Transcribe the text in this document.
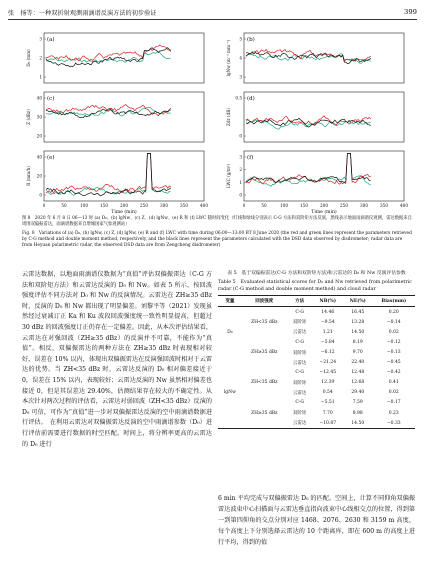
张　扬等：一种双折射观测雨滴谱反演方法的初步验证	399
(a)
D₀ (mm)
3
2
1
(b)
lgNw (m⁻³ mm⁻¹)
5
4
3
(c)
Z (dBz)
40
30
20
(d)
Zdr (dB)
0.5
0
(e)
R (mm/h)
40
20
0
0	50	100	150	200	250	300	350	400
Time (min)
(f)
LWC (g/m³)
3
2
1
0
0	50	100	150	200	250	300	350	400
Time (min)
图 8　2020 年 6 月 8 日 06—13 时 (a) D₀、(b) lgNw、(c) Z、(d) lgNw、(e) R 和 (f) LWC 随时间变化（红线和绿线分别表示 C-G 方法和双阶矩方法反演，黑线表示地面雨滴谱仪观测，雷达数据来自周围双偏振雷达，雨滴谱数据来自增城国家气象观测站）
Fig. 8　Variations of (a) D₀, (b) lgNw, (c) Z, (d) lgNw, (e) R and (f) LWC with time during 06:00—13:00 BT 8 June 2020 (the red and green lines represent the parameters retrieved by C-G method and double moment method, respectively, and the black lines represent the parameters calculated with the DSD data observed by disdrometer; radar data are from Heyuan polarimetric radar, the observed DSD data are from Zengcheng disdrometer)
云雷达数据，以地面雨滴谱仪数据为“真值”评估双偏振雷达（C-G 方法和双阶矩方法）和云雷达反演的 D₀ 和 Nw。如表 5 所示，按回波强度评估不同方法对 D₀ 和 Nw 的反演情况。云雷达在 ZH≥35 dBz 时，反演的 D₀ 和 Nw 都出现了明显偏差。刘黎平等（2021）发现虽然经过衰减订正 Ka 和 Ku 波段回波强度统一致性明显提高，但超过 30 dBz 的回波强度订正仍存在一定偏差。因此，从本次评估结果看，云雷达在对强回波（ZH≥35 dBz）的反演并不可靠，不能作为“真值”。相反，双偏振雷达的两种方法在 ZH≥35 dBz 时表现相对较好，误差在 10% 以内，体现出双偏振雷达在反演强回波时相对于云雷达的优势。当 ZH<35 dBz 时，云雷达反演的 D₀ 相对偏差接近于 0，误差在 15% 以内，表现较好；云雷达反演的 Nw 虽然相对偏差也接近 0，但是其误差达 29.40%，估测结果存在较大的不确定性。从本次针对两次过程的评估看，云雷达对弱回波（ZH<35 dBz）反演的 D₀ 可信，可作为“真值”进一步对双偏振雷达反演的空中雨滴谱数据进行评估。　在利用云雷达对双偏振雷达反演的空中雨滴谱参数（D₀）进行评估前需要进行数据的时空匹配。时间上，将分辨率更高的云雷达的 D₀ 进行
表 5　基于双偏振雷达(C-G 方法和双阶矩方法)和云雷达的 D₀ 和 Nw 反演评估参数
Table 5　Evaluated statistical scores for D₀ and Nw retrieved from polarimetric radar (C-G method and double moment method) and cloud radar
变量	回波强度	方法	NB(%)	NE(%)	Bias(mm)
		C-G	14.46	16.45	0.20
	ZH<35 dBz	双阶矩	−9.54	13.28	−0.14
D₀		云雷达	1.21	14.50	0.02
		C-G	−5.84	8.19	−0.12
	ZH≥35 dBz	双阶矩	−6.12	9.70	−0.13
		云雷达	−21.24	22.40	−0.45
		C-G	−12.45	12.48	−0.42
	ZH<35 dBz	双阶矩	12.39	12.68	0.41
lgNw		云雷达	0.54	29.40	0.02
		C-G	−5.51	7.59	−0.17
	ZH≥35 dBz	双阶矩	7.70	8.98	0.23
		云雷达	−10.87	14.50	−0.33
6 min 平均完成与双偏振雷达 D₀ 的匹配。空间上，计算不同仰角双偏振雷达波束中心扫描面与云雷达垂直指向波束中心线相交点的位置，得到第一到第四仰角的交点分别对应 1468、2076、2630 和 3159 m 高度，每个高度上下分别选择云雷达的 10 个距离库，即在 600 m 的高度上进行平均，得到的值
